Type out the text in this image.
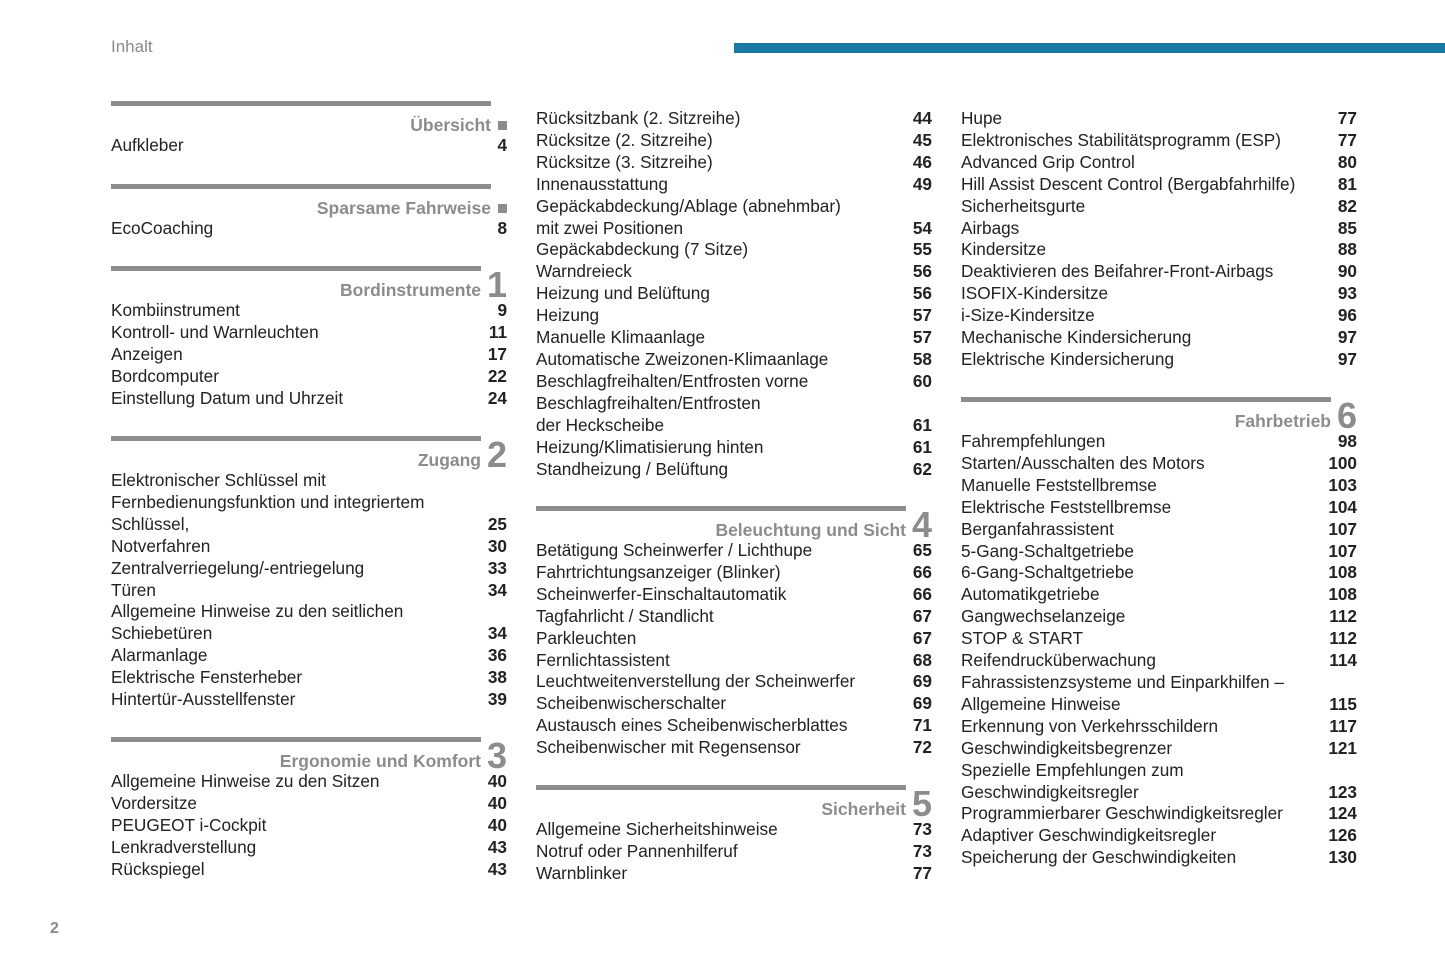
Inhalt
Übersicht
Aufkleber	4
Sparsame Fahrweise
EcoCoaching	8
Bordinstrumente 1
Kombiinstrument	9
Kontroll- und Warnleuchten	11
Anzeigen	17
Bordcomputer	22
Einstellung Datum und Uhrzeit	24
Zugang 2
Elektronischer Schlüssel mit
Fernbedienungsfunktion und integriertem
Schlüssel,	25
Notverfahren	30
Zentralverriegelung/-entriegelung	33
Türen	34
Allgemeine Hinweise zu den seitlichen
Schiebetüren	34
Alarmanlage	36
Elektrische Fensterheber	38
Hintertür-Ausstellfenster	39
Ergonomie und Komfort 3
Allgemeine Hinweise zu den Sitzen	40
Vordersitze	40
PEUGEOT i-Cockpit	40
Lenkradverstellung	43
Rückspiegel	43
Rücksitzbank (2. Sitzreihe)	44
Rücksitze (2. Sitzreihe)	45
Rücksitze (3. Sitzreihe)	46
Innenausstattung	49
Gepäckabdeckung/Ablage (abnehmbar)
mit zwei Positionen	54
Gepäckabdeckung (7 Sitze)	55
Warndreieck	56
Heizung und Belüftung	56
Heizung	57
Manuelle Klimaanlage	57
Automatische Zweizonen-Klimaanlage	58
Beschlagfreihalten/Entfrosten vorne	60
Beschlagfreihalten/Entfrosten
der Heckscheibe	61
Heizung/Klimatisierung hinten	61
Standheizung / Belüftung	62
Beleuchtung und Sicht 4
Betätigung Scheinwerfer / Lichthupe	65
Fahrtrichtungsanzeiger (Blinker)	66
Scheinwerfer-Einschaltautomatik	66
Tagfahrlicht / Standlicht	67
Parkleuchten	67
Fernlichtassistent	68
Leuchtweitenverstellung der Scheinwerfer	69
Scheibenwischerschalter	69
Austausch eines Scheibenwischerblattes	71
Scheibenwischer mit Regensensor	72
Sicherheit 5
Allgemeine Sicherheitshinweise	73
Notruf oder Pannenhilferuf	73
Warnblinker	77
Hupe	77
Elektronisches Stabilitätsprogramm (ESP)	77
Advanced Grip Control	80
Hill Assist Descent Control (Bergabfahrhilfe) 81
Sicherheitsgurte	82
Airbags	85
Kindersitze	88
Deaktivieren des Beifahrer-Front-Airbags	90
ISOFIX-Kindersitze	93
i-Size-Kindersitze	96
Mechanische Kindersicherung	97
Elektrische Kindersicherung	97
Fahrbetrieb 6
Fahrempfehlungen	98
Starten/Ausschalten des Motors	100
Manuelle Feststellbremse	103
Elektrische Feststellbremse	104
Berganfahrassistent	107
5-Gang-Schaltgetriebe	107
6-Gang-Schaltgetriebe	108
Automatikgetriebe	108
Gangwechselanzeige	112
STOP & START	112
Reifendrucküberwachung	114
Fahrassistenzsysteme und Einparkhilfen –
Allgemeine Hinweise	115
Erkennung von Verkehrsschildern	117
Geschwindigkeitsbegrenzer	121
Spezielle Empfehlungen zum
Geschwindigkeitsregler	123
Programmierbarer Geschwindigkeitsregler	124
Adaptiver Geschwindigkeitsregler	126
Speicherung der Geschwindigkeiten	130
2
